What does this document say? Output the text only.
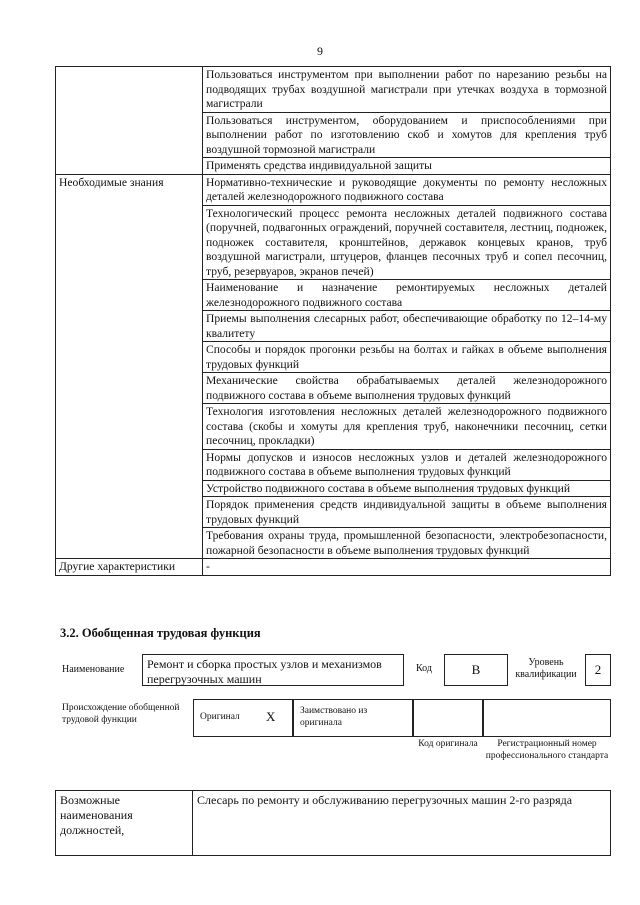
9
	Пользоваться инструментом при выполнении работ по нарезанию резьбы на подводящих трубах воздушной магистрали при утечках воздуха в тормозной магистрали
	Пользоваться инструментом, оборудованием и приспособлениями при выполнении работ по изготовлению скоб и хомутов для крепления труб воздушной тормозной магистрали
	Применять средства индивидуальной защиты
Необходимые знания	Нормативно-технические и руководящие документы по ремонту несложных деталей железнодорожного подвижного состава
	Технологический процесс ремонта несложных деталей подвижного состава (поручней, подвагонных ограждений, поручней составителя, лестниц, подножек, подножек составителя, кронштейнов, державок концевых кранов, труб воздушной магистрали, штуцеров, фланцев песочных труб и сопел песочниц, труб, резервуаров, экранов печей)
	Наименование и назначение ремонтируемых несложных деталей железнодорожного подвижного состава
	Приемы выполнения слесарных работ, обеспечивающие обработку по 12–14-му квалитету
	Способы и порядок прогонки резьбы на болтах и гайках в объеме выполнения трудовых функций
	Механические свойства обрабатываемых деталей железнодорожного подвижного состава в объеме выполнения трудовых функций
	Технология изготовления несложных деталей железнодорожного подвижного состава (скобы и хомуты для крепления труб, наконечники песочниц, сетки песочниц, прокладки)
	Нормы допусков и износов несложных узлов и деталей железнодорожного подвижного состава в объеме выполнения трудовых функций
	Устройство подвижного состава в объеме выполнения трудовых функций
	Порядок применения средств индивидуальной защиты в объеме выполнения трудовых функций
	Требования охраны труда, промышленной безопасности, электробезопасности, пожарной безопасности в объеме выполнения трудовых функций
Другие характеристики	-
3.2. Обобщенная трудовая функция
Наименование	Ремонт и сборка простых узлов и механизмов перегрузочных машин
Код	B	Уровень квалификации	2
Происхождение обобщенной трудовой функции	Оригинал X	Заимствовано из оригинала
Код оригинала	Регистрационный номер профессионального стандарта
Возможные наименования должностей,	Слесарь по ремонту и обслуживанию перегрузочных машин 2-го разряда
